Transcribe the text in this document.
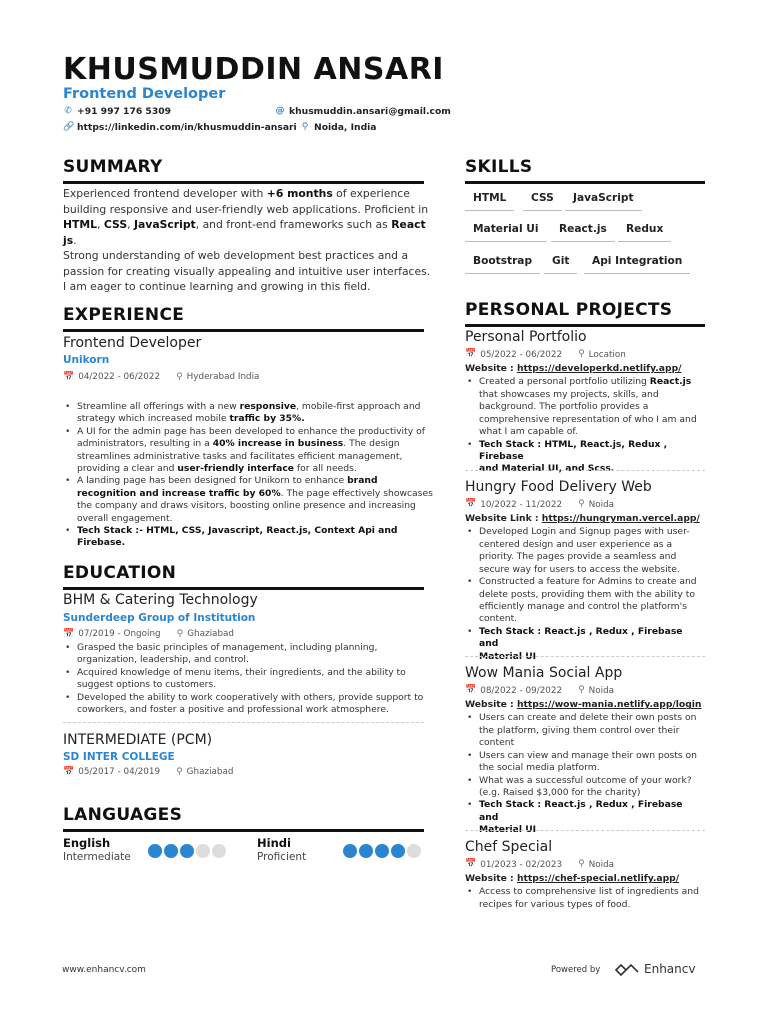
KHUSMUDDIN ANSARI
Frontend Developer
✆ +91 997 176 5309	@ khusmuddin.ansari@gmail.com
🔗 https://linkedin.com/in/khusmuddin-ansari ⚲ Noida, India
SUMMARY
Experienced frontend developer with +6 months of experience
building responsive and user-friendly web applications. Proficient in
HTML, CSS, JavaScript, and front-end frameworks such as React js.
Strong understanding of web development best practices and a
passion for creating visually appealing and intuitive user interfaces.
I am eager to continue learning and growing in this field.
EXPERIENCE
Frontend Developer
Unikorn
📅 04/2022 - 06/2022 ⚲ Hyderabad India
• Streamline all offerings with a new responsive, mobile-first approach and
strategy which increased mobile traffic by 35%.
• A UI for the admin page has been developed to enhance the productivity of
administrators, resulting in a 40% increase in business. The design
streamlines administrative tasks and facilitates efficient management,
providing a clear and user-friendly interface for all needs.
• A landing page has been designed for Unikorn to enhance brand
recognition and increase traffic by 60%. The page effectively showcases
the company and draws visitors, boosting online presence and increasing
overall engagement.
• Tech Stack :- HTML, CSS, Javascript, React.js, Context Api and Firebase.
EDUCATION
BHM & Catering Technology
Sunderdeep Group of Institution
📅 07/2019 - Ongoing ⚲ Ghaziabad
• Grasped the basic principles of management, including planning,
organization, leadership, and control.
• Acquired knowledge of menu items, their ingredients, and the ability to
suggest options to customers.
• Developed the ability to work cooperatively with others, provide support to
coworkers, and foster a positive and professional work atmosphere.
INTERMEDIATE (PCM)
SD INTER COLLEGE
📅 05/2017 - 04/2019 ⚲ Ghaziabad
LANGUAGES
English
Intermediate
Hindi
Proficient
SKILLS
HTML	CSS	JavaScript
Material Ui	React.js	Redux
Bootstrap	Git	Api Integration
PERSONAL PROJECTS
Personal Portfolio
📅 05/2022 - 06/2022 ⚲ Location
Website : https://developerkd.netlify.app/
• Created a personal portfolio utilizing React.js
that showcases my projects, skills, and
background. The portfolio provides a
comprehensive representation of who I am and
what I am capable of.
• Tech Stack : HTML, React.js, Redux , Firebase
and Material UI, and Scss.
Hungry Food Delivery Web
📅 10/2022 - 11/2022 ⚲ Noida
Website Link : https://hungryman.vercel.app/
• Developed Login and Signup pages with user-
centered design and user experience as a
priority. The pages provide a seamless and
secure way for users to access the website.
• Constructed a feature for Admins to create and
delete posts, providing them with the ability to
efficiently manage and control the platform's
content.
• Tech Stack : React.js , Redux , Firebase and
Material UI
Wow Mania Social App
📅 08/2022 - 09/2022 ⚲ Noida
Website : https://wow-mania.netlify.app/login
• Users can create and delete their own posts on
the platform, giving them control over their
content
• Users can view and manage their own posts on
the social media platform.
• What was a successful outcome of your work?
(e.g. Raised $3,000 for the charity)
• Tech Stack : React.js , Redux , Firebase and
Material UI
Chef Special
📅 01/2023 - 02/2023 ⚲ Noida
Website : https://chef-special.netlify.app/
• Access to comprehensive list of ingredients and
recipes for various types of food.
www.enhancv.com	Powered by	Enhancv
